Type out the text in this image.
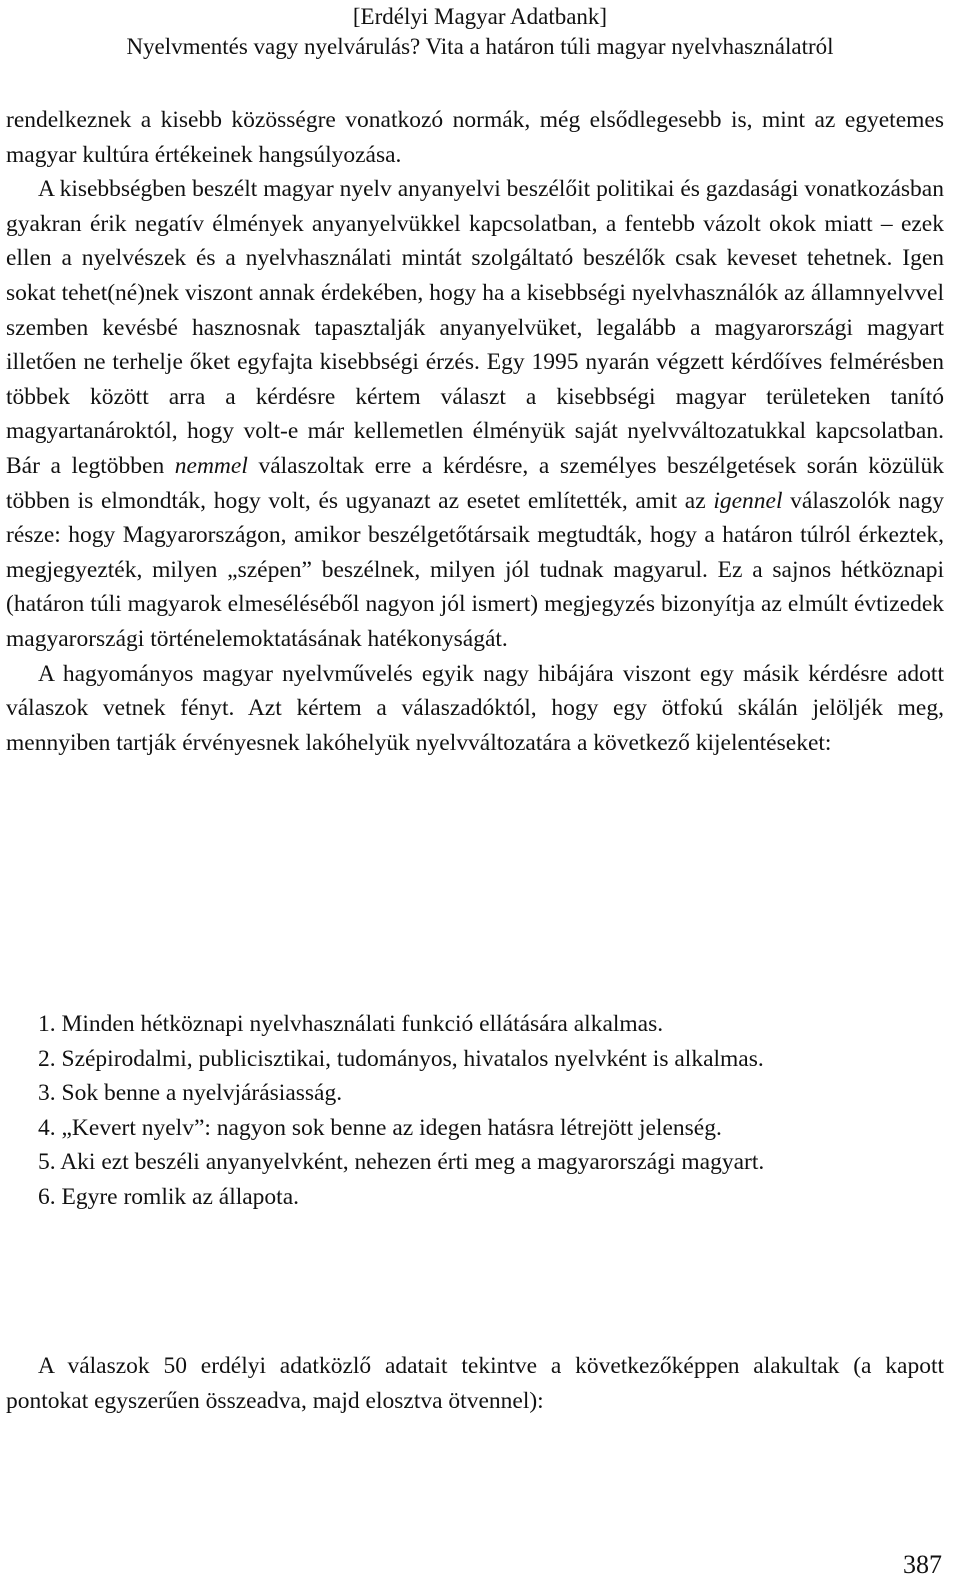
[Erdélyi Magyar Adatbank]
Nyelvmentés vagy nyelvárulás? Vita a határon túli magyar nyelvhasználatról

rendelkeznek a kisebb közösségre vonatkozó normák, még elsődlegesebb is, mint az egyetemes magyar kultúra értékeinek hangsúlyozása.

A kisebbségben beszélt magyar nyelv anyanyelvi beszélőit politikai és gazdasági vonatkozásban gyakran érik negatív élmények anyanyelvükkel kapcsolatban, a fentebb vázolt okok miatt – ezek ellen a nyelvészek és a nyelvhasználati mintát szolgáltató beszélők csak keveset tehetnek. Igen sokat tehet(né)nek viszont annak érdekében, hogy ha a kisebbségi nyelvhasználók az államnyelvvel szemben kevésbé hasznosnak tapasztalják anyanyelvüket, legalább a magyarországi magyart illetően ne terhelje őket egyfajta kisebbségi érzés. Egy 1995 nyarán végzett kérdőíves felmérésben többek között arra a kérdésre kértem választ a kisebbségi magyar területeken tanító magyartanároktól, hogy volt-e már kellemetlen élményük saját nyelvváltozatukkal kapcsolatban. Bár a legtöbben nemmel válaszoltak erre a kérdésre, a személyes beszélgetések során közülük többen is elmondták, hogy volt, és ugyanazt az esetet említették, amit az igennel válaszolók nagy része: hogy Magyarországon, amikor beszélgetőtársaik megtudták, hogy a határon túlról érkeztek, megjegyezték, milyen „szépen” beszélnek, milyen jól tudnak magyarul. Ez a sajnos hétköznapi (határon túli magyarok elmeséléséből nagyon jól ismert) megjegyzés bizonyítja az elmúlt évtizedek magyarországi történelemoktatásának hatékonyságát.

A hagyományos magyar nyelvművelés egyik nagy hibájára viszont egy másik kérdésre adott válaszok vetnek fényt. Azt kértem a válaszadóktól, hogy egy ötfokú skálán jelöljék meg, mennyiben tartják érvényesnek lakóhelyük nyelvváltozatára a következő kijelentéseket:

1. Minden hétköznapi nyelvhasználati funkció ellátására alkalmas.
2. Szépirodalmi, publicisztikai, tudományos, hivatalos nyelvként is alkalmas.
3. Sok benne a nyelvjárásiasság.
4. „Kevert nyelv”: nagyon sok benne az idegen hatásra létrejött jelenség.
5. Aki ezt beszéli anyanyelvként, nehezen érti meg a magyarországi magyart.
6. Egyre romlik az állapota.

A válaszok 50 erdélyi adatközlő adatait tekintve a következőképpen alakultak (a kapott pontokat egyszerűen összeadva, majd elosztva ötvennel):

387
